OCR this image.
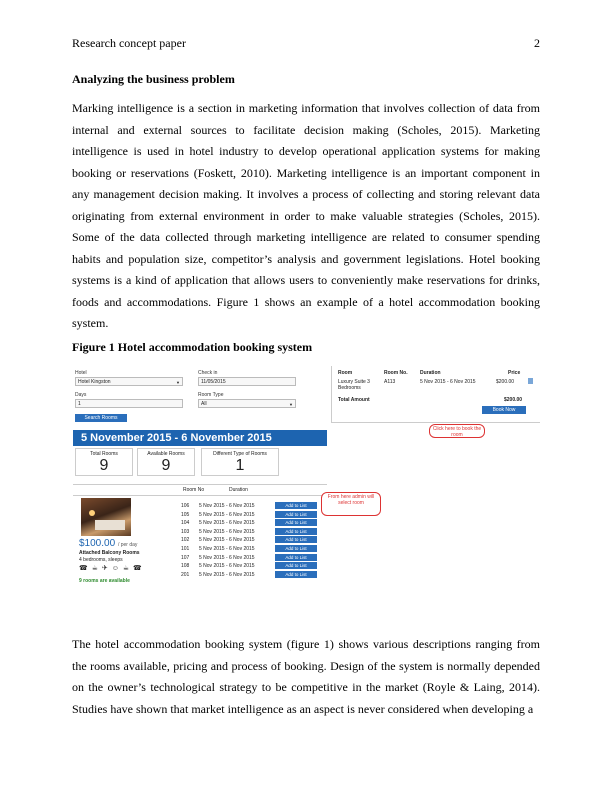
Research concept paper	2
Analyzing the business problem

Marking intelligence is a section in marketing information that involves collection of data from internal and external sources to facilitate decision making (Scholes, 2015). Marketing intelligence is used in hotel industry to develop operational application systems for making booking or reservations (Foskett, 2010). Marketing intelligence is an important component in any management decision making. It involves a process of collecting and storing relevant data originating from external environment in order to make valuable strategies (Scholes, 2015). Some of the data collected through marketing intelligence are related to consumer spending habits and population size, competitor’s analysis and government legislations. Hotel booking systems is a kind of application that allows users to conveniently make reservations for drinks, foods and accommodations. Figure 1 shows an example of a hotel accommodation booking system.

Figure 1 Hotel accommodation booking system
Hotel
Hotel Kingston	▼
Check in
11/05/2015
Days
1
Room Type
All	▼
Search Rooms
5 November 2015 - 6 November 2015
Total Rooms
9
Available Rooms
9
Different Type of Rooms
1
Room No	Duration
$100.00 / per day
Attached Balcony Rooms
4 bedrooms, sleeps
☎ ☕ ✈ ☺ ☕ ☎
9 rooms are available
106 5 Nov 2015 - 6 Nov 2015	Add to List
105 5 Nov 2015 - 6 Nov 2015	Add to List
104 5 Nov 2015 - 6 Nov 2015	Add to List
103 5 Nov 2015 - 6 Nov 2015	Add to List
102 5 Nov 2015 - 6 Nov 2015	Add to List
101 5 Nov 2015 - 6 Nov 2015	Add to List
107 5 Nov 2015 - 6 Nov 2015	Add to List
108 5 Nov 2015 - 6 Nov 2015	Add to List
201 5 Nov 2015 - 6 Nov 2015	Add to List
From here admin will select room
Room	Room No. Duration	Price
Luxury Suite 3 Bedrooms
A113	5 Nov 2015 - 6 Nov 2015	$200.00
Total Amount	$200.00
Book Now
Click here to book the room

The hotel accommodation booking system (figure 1) shows various descriptions ranging from the rooms available, pricing and process of booking. Design of the system is normally depended on the owner’s technological strategy to be competitive in the market (Royle & Laing, 2014). Studies have shown that market intelligence as an aspect is never considered when developing a
